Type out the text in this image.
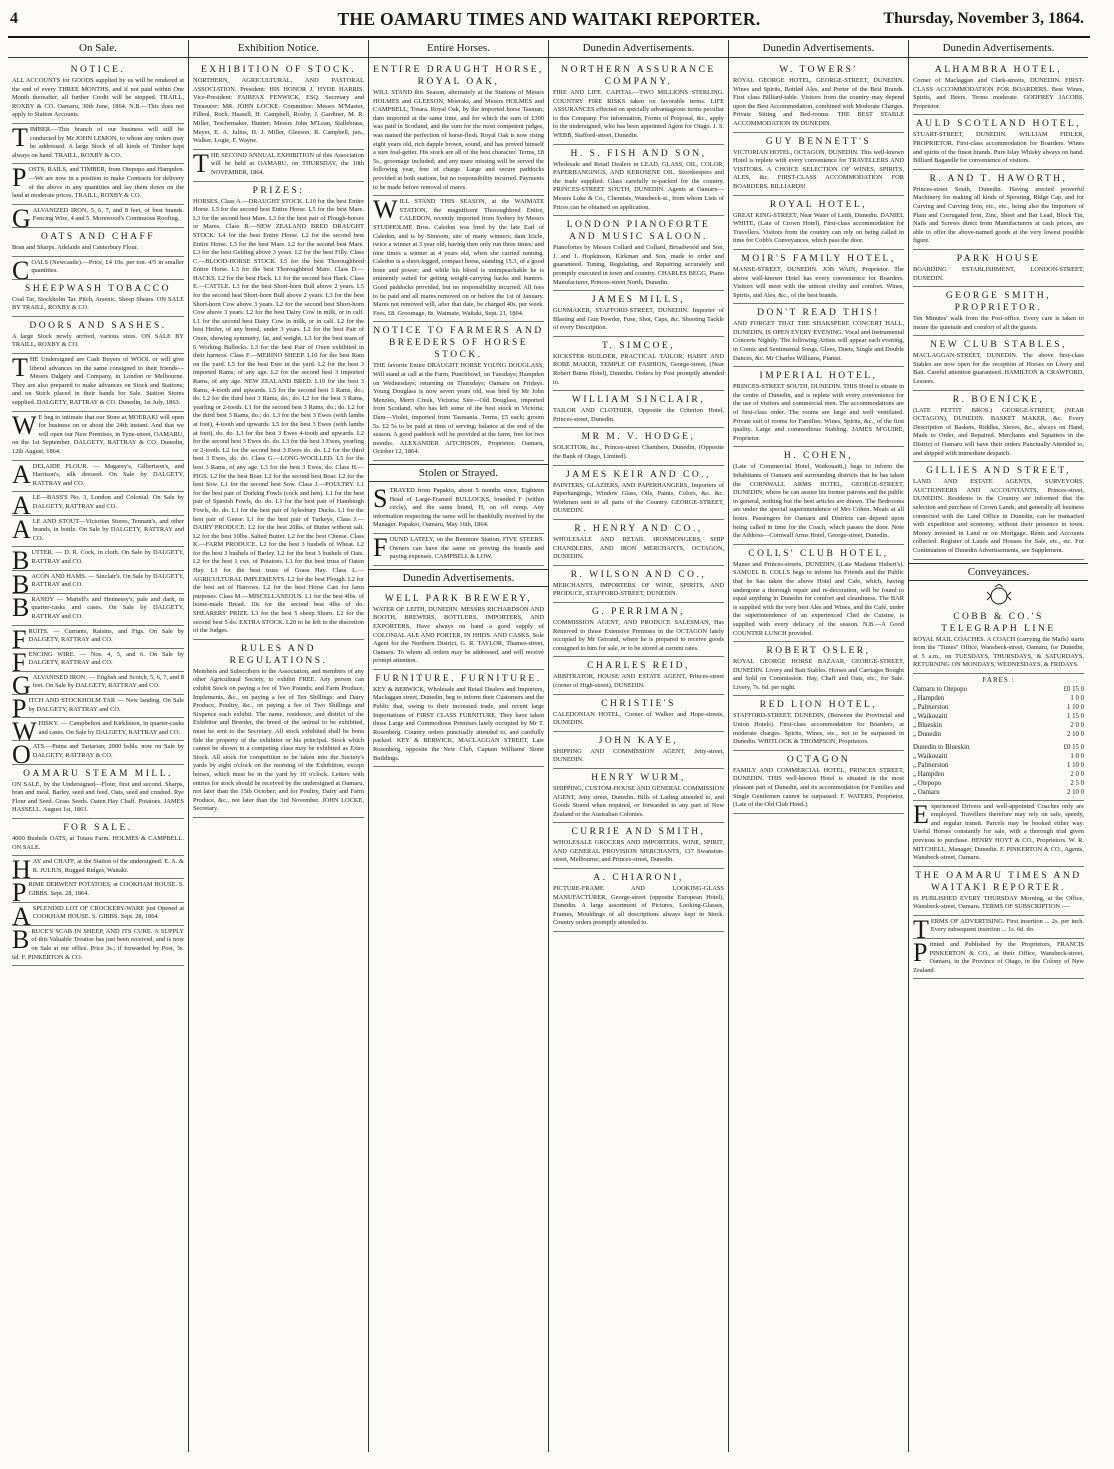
4	THE OAMARU TIMES AND WAITAKI REPORTER.	Thursday, November 3, 1864.
On Sale.
NOTICE.

ALL ACCOUNTS for GOODS supplied by us will be rendered at the end of every THREE MONTHS, and if not paid within One Month thereafter, all further Credit will be stopped. TRAILL, ROXBY & CO. Oamaru, 30th June, 1864. N.B.—This does not apply to Station Accounts.

TIMBER.—This branch of our business will still be conducted by Mr JOHN LEMON, to whom any orders may be addressed. A large Stock of all kinds of Timber kept always on hand. TRAILL, ROXBY & CO.

POSTS, RAILS, and TIMBER, from Otepopo and Hampden.—We are now in a position to make Contracts for delivery of the above in any quantities and lay them down on the land at moderate prices. TRAILL, ROXBY & CO.

GALVANIZED IRON, 5, 6, 7, and 8 feet, of best brands. Fencing Wire, 4 and 5. Morewood's Continuous Roofing.

OATS AND CHAFF

Bran and Sharps. Adelaide and Canterbury Flour.

COALS (Newcastle).—Price, £4 10s. per ton. 4/5 in smaller quantities.

SHEEPWASH TOBACCO

Coal Tar, Stockholm Tar. Pitch, Arsenic. Sheep Shears. ON SALE BY TRAILL, ROXBY & CO.

DOORS AND SASHES.

A large Stock newly arrived, various sizes. ON SALE BY TRAILL, ROXBY & CO.

THE Undersigned are Cash Buyers of WOOL or will give liberal advances on the same consigned to their friends—Messrs Dalgety and Company, in London or Melbourne. They are also prepared to make advances on Stock and Stations; and on Stock placed in their hands for Sale. Station Stores supplied. DALGETY, RATTRAY & CO. Dunedin, 1st July, 1863.

WE beg to intimate that our Store at MOERAKI will open for business on or about the 24th instant. And that we will open our New Premises, in Tyne-street, OAMARU, on the 1st September. DALGETY, RATTRAY & CO. Dunedin, 12th August, 1864.

ADELAIDE FLOUR. — Magarey's, Gilbertson's, and Harrison's, silk dressed. On Sale by DALGETY, RATTRAY and CO.

ALE—BASS'S No. 3, London and Colonial. On Sale by DALGETY, RATTRAY and CO.

ALE AND STOUT—Victorian Stores, Tennant's, and other brands, in bottle. On Sale by DALGETY, RATTRAY and CO.

BUTTER. — D. R. Cock, in cloth. On Sale by DALGETY, RATTRAY and CO.

BACON AND HAMS. — Sinclair's. On Sale by DALGETY, RATTRAY and CO.

BRANDY — Martell's and Hennessy's, pale and dark, in quarter-casks and cases. On Sale by DALGETY, RATTRAY and CO.

FRUITS. — Currants, Raisins, and Figs. On Sale by DALGETY, RATTRAY and CO.

FENCING WIRE. — Nos. 4, 5, and 6. On Sale by DALGETY, RATTRAY and CO.

GALVANISED IRON. — English and Scotch, 5, 6, 7, and 8 feet. On Sale by DALGETY, RATTRAY and CO.

PITCH AND STOCKHOLM TAR — New landing. On Sale by DALGETY, RATTRAY and CO.

WHISKY. — Campbelton and Kirkliston, in quarter-casks and cases. On Sale by DALGETY, RATTRAY and CO.

OATS.—Putna and Tartarian; 2000 bshls. now on Sale by DALGETY, RATTRAY & CO.

OAMARU STEAM MILL.

ON SALE, by the Undersigned—Flour, first and second. Sharps, bran and meal. Barley, seed and feed. Oats, seed and crushed. Rye Flour and Seed. Grass Seeds. Oaten Hay Chaff. Potatoes. JAMES HASSELL. August 1st, 1863.

FOR SALE.

4000 Bushels OATS, at Totara Farm. HOLMES & CAMPBELL. ON SALE.

HAY and CHAFF, at the Station of the undersigned. E. A. & R. JULIUS, Rugged Ridges, Waitaki.

PRIME DERWENT POTATOES, at COOKHAM HOUSE. S. GIBBS. Sept. 28, 1864.

ASPLENDID LOT OF CROCKERY-WARE just Opened at COOKHAM HOUSE. S. GIBBS. Sept. 28, 1864.

BRUCE'S SCAB IN SHEEP, AND ITS CURE. A SUPPLY of this Valuable Treatise has just been received, and is now on Sale at our office. Price 3s.; if forwarded by Post, 3s. 6d. F. PINKERTON & CO.

Exhibition Notice.
EXHIBITION OF STOCK.

NORTHERN, AGRICULTURAL, AND PASTORAL ASSOCIATION. President: HIS HONOR J. HYDE HARRIS. Vice-President: FAIRFAX FENWICK, ESQ. Secretary and Treasurer: MR. JOHN LOCKE. Committee: Messrs M'Master, Filleul, Roch, Hassell, H. Campbell, Roxby, J. Gardiner, M. R. Miller, Teschemaker, Hunter; Messrs John M'Lean, Stallebrass, Meyer, E. A. Julius, H. J. Miller, Gleeson, R. Campbell, jun., Walker, Logie, F. Wayne.

THE SECOND ANNUAL EXHIBITION of this Association will be held at OAMARU, on THURSDAY, the 10th NOVEMBER, 1864.

PRIZES:

HORSES. Class A.—DRAUGHT STOCK. L10 for the best Entire Horse. L5 for the second best Entire Horse. L5 for the best Mare. L3 for the second best Mare. L3 for the best pair of Plough-horses or Mares. Class B.—NEW ZEALAND BRED DRAUGHT STOCK. L4 for the best Entire Horse. L2 for the second best Entire Horse. L3 for the best Mare. L2 for the second best Mare. L3 for the best Gelding above 3 years. L2 for the best Filly. Class C.—BLOOD-HORSE STOCK. L5 for the best Thoroughbred Entire Horse. L3 for the best Thoroughbred Mare. Class D.—HACKS. L2 for the best Hack. L1 for the second best Hack. Class E.—CATTLE. L3 for the best Short-horn Bull above 2 years. L5 for the second best Short-horn Bull above 2 years. L3 for the best Short-horn Cow above 3 years. L2 for the second best Short-horn Cow above 3 years. L2 for the best Dairy Cow in milk, or in calf. L1 for the second best Dairy Cow in milk, or in calf. L2 for the best Heifer, of any breed, under 3 years. L2 for the best Pair of Oxen, showing symmetry, fat, and weight. L3 for the best team of 6 Working Bullocks. L3 for the best Pair of Oxen exhibited in their harness. Class F.—MERINO SHEEP. L10 for the best Ram on the yard. L5 for the best Ewe in the yard. L2 for the best 3 imported Rams, of any age. L2 for the second best 3 imported Rams, of any age. NEW ZEALAND BRED. L10 for the best 3 Rams, 4-tooth and upwards. L5 for the second best 3 Rams, do.; do. L2 for the third best 3 Rams, do.; do. L2 for the best 3 Rams, yearling or 2-tooth. L1 for the second best 3 Rams, do.; do. L2 for the third best 3 Rams, do.; do. L3 for the best 3 Ewes (with lambs at foot), 4-tooth and upwards. L5 for the best 3 Ewes (with lambs at foot), do. do. L3 for the best 3 Ewes 4-tooth and upwards. L2 for the second best 3 Ewes do. do. L3 for the best 3 Ewes, yearling or 2-tooth. L2 for the second best 3 Ewes do. do. L2 for the third best 3 Ewes, do. do. Class G.—LONG-WOOLLED. L5 for the best 3 Rams, of any age. L3 for the best 3 Ewes, do. Class H.—PIGS. L2 for the best Boar. L2 for the second best Boar. L2 for the best Sow. L1 for the second best Sow. Class J.—POULTRY. L1 for the best pair of Dorking Fowls (cock and hen). L1 for the best pair of Spanish Fowls, do. do. L1 for the best pair of Hamburgh Fowls, do. do. L1 for the best pair of Aylesbury Ducks. L1 for the best pair of Geese. L1 for the best pair of Turkeys. Class J.—DAIRY PRODUCE. L2 for the best 20lbs. of Butter without salt. L2 for the best 10lbs. Salted Butter. L2 for the best Cheese. Class K.—FARM PRODUCE. L2 for the best 3 bushels of Wheat. L2 for the best 3 bushels of Barley. L2 for the best 3 bushels of Oats. L2 for the best 1 cwt. of Potatoes. L1 for the best truss of Oaten Hay. L1 for the best truss of Grass Hay. Class L.—AGRICULTURAL IMPLEMENTS. L2 for the best Plough. L2 for the best set of Harrows. L2 for the best Horse Cart for farm purposes. Class M.—MISCELLANEOUS. L1 for the best 4lbs. of home-made Bread. 10s for the second best 4lbs of do. SHEARERS' PRIZE. L3 for the best 5 sheep Shorn. L2 for the second best 5 do. EXTRA STOCK. L20 to be left to the discretion of the Judges.

RULES AND REGULATIONS.

Members and Subscribers to the Association, and members of any other Agricultural Society, to exhibit FREE. Any person can exhibit Stock on paying a fee of Two Pounds; and Farm Produce, Implements, &c., on paying a fee of Ten Shillings; and Dairy Produce, Poultry, &c., on paying a fee of Two Shillings and Sixpence each exhibit. The name, residence, and district of the Exhibitor and Breeder, the breed of the animal to be exhibited, must be sent to the Secretary. All stock exhibited shall be bona fide the property of the exhibitor or his principal. Stock which cannot be shown in a competing class may be exhibited as Extra Stock. All stock for competition to be taken into the Society's yards by eight o'clock on the morning of the Exhibition, except horses, which must be in the yard by 10 o'clock. Letters with entries for stock should be received by the undersigned at Oamaru, not later than the 15th October; and for Poultry, Dairy and Farm Produce, &c., not later than the 3rd November. JOHN LOCKE, Secretary.

Entire Horses.
ENTIRE DRAUGHT HORSE, ROYAL OAK,

WILL STAND this Season, alternately at the Stations of Messrs HOLMES and GLEESON, Moeraki, and Messrs HOLMES and CAMPBELL, Totara. Royal Oak, by the imported horse Tasman; dam imported at the same time, and for which the sum of £300 was paid in Scotland, and the sum for the most competent judges, was named the perfection of horse-flesh. Royal Oak is now rising eight years old, rich dapple brown, sound, and has proved himself a sure foal-getter. His stock are all of the best character. Terms, £8 5s., groomage included; and any mare missing will be served the following year, free of charge. Large and secure paddocks provided at both stations, but no responsibility incurred. Payments to be made before removal of mares.

WILL STAND THIS SEASON, at the WAIMATE STATION, the magnificent Thoroughbred Entire, CALEDON, recently imported from Sydney by Messrs STUDHOLME Bros. Caledon was bred by the late Earl of Caledon, and is by Simoom, sire of many winners; dam Icicle, twice a winner at 3 year old, having then only run three times; and nine times a winner at 4 years old, when she carried running. Caledon is a short-legged, compact horse, standing 15.3, of a good bone and power; and while his blood is unimpeachable he is eminently suited for getting weight-carrying hacks and hunters. Good paddocks provided, but no responsibility incurred. All fees to be paid and all mares removed on or before the 1st of January. Mares not removed will, after that date, be charged 40s. per week. Fees, £8. Groomage, 8s. Waimate, Waitaki, Sept. 21, 1864.

NOTICE TO FARMERS AND BREEDERS OF HORSE STOCK.

THE favorite Entire DRAUGHT HORSE YOUNG DOUGLASS, Will stand at call at the Farm, Punchbowl, on Tuesdays; Hampden on Wednesdays; returning on Thursdays; Oamaru on Fridays. Young Douglass is now seven years old, was bred by Mr John Menzies, Merri Creek, Victoria; Sire—Old Douglass, imported from Scotland, who has left some of the best stock in Victoria; Dam—Violet, imported from Tasmania. Terms, £5 each; groom 5s. £2 5s to be paid at time of serving; balance at the end of the season. A good paddock will be provided at the farm, free for two months. ALEXANDER AITCHISON, Proprietor. Oamaru, October 12, 1864.

Stolen or Strayed.

STRAYED from Papakio, about 5 months since, Eighteen Head of Large-Framed BULLOCKS, branded F (within circle), and the same brand, H, on off rump. Any information respecting the same will be thankfully received by the Manager. Papakio, Oamaru, May 16th, 1864.

FOUND LATELY, on the Benmore Station, FIVE STEERS. Owners can have the same on proving the brands and paying expenses. CAMPBELL & LOW.

Dunedin Advertisements.
WELL PARK BREWERY,

WATER OF LEITH, DUNEDIN. MESSRS RICHARDSON AND BOOTH, BREWERS, BOTTLERS, IMPORTERS, AND EXPORTERS, Have always on hand a good supply of COLONIAL ALE AND PORTER, IN HHDS. AND CASKS. Sole Agent for the Northern District, G. R. TAYLOR, Thames-street, Oamaru. To whom all orders may be addressed, and will receive prompt attention.

FURNITURE. FURNITURE.

KEY & BERWICK, Wholesale and Retail Dealers and Importers, Maclaggan street, Dunedin, beg to inform their Customers and the Public that, owing to their increased trade, and recent large Importations of FIRST CLASS FURNITURE, They have taken those Large and Commodious Premises lately occupied by Mr T. Rosenberg. Country orders punctually attended to, and carefully packed. KEY & BERWICK, MACLAGGAN STREET, Late Rosenberg, opposite the New Club, Captain Williams' Stone Buildings.

Dunedin Advertisements.
NORTHERN ASSURANCE COMPANY.

FIRE AND LIFE. CAPITAL—TWO MILLIONS STERLING. COUNTRY FIRE RISKS taken on favorable terms. LIFE ASSURANCES effected on specially advantageous terms peculiar to this Company. For information, Forms of Proposal, &c., apply to the undersigned, who has been appointed Agent for Otago. J. S. WEBB, Stafford-street, Dunedin.

H. S. FISH AND SON,

Wholesale and Retail Dealers in LEAD, GLASS, OIL, COLOR, PAPERHANGINGS, AND KEROSENE OIL. Storekeepers and the trade supplied. Glass carefully re-packed for the country. PRINCES-STREET SOUTH, DUNEDIN. Agents at Oamaru—Messrs Luke & Co., Chemists, Wansbeck-st., from whom Lists of Prices can be obtained on application.

LONDON PIANOFORTE AND MUSIC SALOON.

Pianofortes by Messrs Collard and Collard, Broadwood and Son, J. and J. Hopkinson, Kirkman and Son, made to order and guaranteed. Tuning, Regulating, and Repairing accurately and promptly executed in town and country. CHARLES BEGG, Piano Manufacturer, Princes-street North, Dunedin.

JAMES MILLS,

GUNMAKER, STAFFORD-STREET, DUNEDIN. Importer of Blasting and Gun Powder, Fuse, Shot, Caps, &c. Shooting Tackle of every Description.

T. SIMCOE,

KICKSTER BUILDER, PRACTICAL TAILOR, HABIT AND ROBE MAKER, TEMPLE OF FASHION, George-street, (Near Robert Burns Hotel), Dunedin. Orders by Post promptly attended to.

WILLIAM SINCLAIR,

TAILOR AND CLOTHIER, Opposite the Criterion Hotel, Princes-street, Dunedin.

MR M. V. HODGE,

SOLICITOR, &c., Princes-street Chambers, Dunedin, (Opposite the Bank of Otago, Limited).

JAMES KEIR AND CO.,

PAINTERS, GLAZIERS, AND PAPERHANGERS, Importers of Paperhangings, Window Glass, Oils, Paints, Colors, &c. &c. Workmen sent to all parts of the Country. GEORGE-STREET, DUNEDIN.

R. HENRY AND CO.,

WHOLESALE AND RETAIL IRONMONGERS, SHIP CHANDLERS, AND IRON MERCHANTS, OCTAGON, DUNEDIN.

R. WILSON AND CO.,

MERCHANTS, IMPORTERS OF WINE, SPIRITS, AND PRODUCE, STAFFORD-STREET, DUNEDIN.

G. PERRIMAN,

COMMISSION AGENT, AND PRODUCE SALESMAN, Has Removed to those Extensive Premises in the OCTAGON lately occupied by Mr Gerrand, where he is prepared to receive goods consigned to him for sale, or to be stored at current rates.

CHARLES REID,

ARBITRATOR, HOUSE AND ESTATE AGENT, Princes-street (corner of High-street), DUNEDIN.

CHRISTIE'S

CALEDONIAN HOTEL, Corner of Walker and Hope-streets, DUNEDIN.

JOHN KAYE,

SHIPPING AND COMMISSION AGENT, Jetty-street, DUNEDIN.

HENRY WURM,

SHIPPING, CUSTOM-HOUSE AND GENERAL COMMISSION AGENT, Jetty street, Dunedin. Bills of Lading attended to, and Goods Stored when required, or forwarded to any part of New Zealand or the Australian Colonies.

CURRIE AND SMITH,

WHOLESALE GROCERS AND IMPORTERS, WINE, SPIRIT, AND GENERAL PROVISION MERCHANTS, 137 Swanston-street, Melbourne; and Princes-street, Dunedin.

A. CHIARONI,

PICTURE-FRAME AND LOOKING-GLASS MANUFACTURER, George-street (opposite European Hotel), Dunedin. A large assortment of Pictures, Looking-Glasses, Frames, Mouldings of all descriptions always kept in Stock. Country orders promptly attended to.

Dunedin Advertisements.
W. TOWERS'

ROYAL GEORGE HOTEL, GEORGE-STREET, DUNEDIN. Wines and Spirits, Bottled Ales, and Porter of the Best Brands. First class Billiard-table. Visitors from the country may depend upon the Best Accommodation, combined with Moderate Charges. Private Sitting and Bed-rooms. THE BEST STABLE ACCOMMODATION IN DUNEDIN.

GUY BENNETT'S

VICTORIAN HOTEL, OCTAGON, DUNEDIN. This well-known Hotel is replete with every convenience for TRAVELLERS AND VISITORS. A CHOICE SELECTION OF WINES, SPIRITS, ALES, &c. FIRST-CLASS ACCOMMODATION FOR BOARDERS. BILLIARDS!

ROYAL HOTEL,

GREAT KING-STREET, Near Water of Leith, Dunedin. DANIEL WHITE, (Late of Crown Hotel). First-class accommodation for Travellers. Visitors from the country can rely on being called in time for Cobb's Conveyances, which pass the door.

MOIR'S FAMILY HOTEL,

MANSE-STREET, DUNEDIN. JOB WAIN, Proprietor. The above well-known Hotel has every convenience for Boarders. Visitors will meet with the utmost civility and comfort. Wines, Spirits, and Ales, &c., of the best brands.

DON'T READ THIS!

AND FORGET THAT THE SHAKSPERE CONCERT HALL, DUNEDIN, IS OPEN EVERY EVENING. Vocal and Instrumental Concerts Nightly. The following Artists will appear each evening, in Comic and Sentimental Songs, Glees, Duets, Single and Double Dances, &c. Mr Charles Williams, Pianist.

IMPERIAL HOTEL,

PRINCES-STREET SOUTH, DUNEDIN. THIS Hotel is situate in the centre of Dunedin, and is replete with every convenience for the use of visitors and commercial men. The accommodations are of first-class order. The rooms are large and well ventilated. Private suit of rooms for Families. Wines, Spirits, &c., of the first quality. Large and commodious Stabling. JAMES M'GUIRE, Proprietor.

H. COHEN,

(Late of Commercial Hotel, Waikouaiti,) begs to inform the Inhabitants of Oamaru and surrounding districts that he has taken the CORNWALL ARMS HOTEL, GEORGE-STREET, DUNEDIN, where he can assure his former patrons and the public in general, nothing but the best articles are drawn. The Bedrooms are under the special superintendence of Mrs Cohen. Meals at all hours. Passengers for Oamaru and Districts can depend upon being called in time for the Coach, which passes the door. Note the Address—Cornwall Arms Hotel, George-street, Dunedin.

COLLS' CLUB HOTEL,

Manse and Princes-streets, DUNEDIN, (Late Madame Hubert's). SAMUEL B. COLLS begs to inform his Friends and the Public that he has taken the above Hotel and Cafe, which, having undergone a thorough repair and re-decoration, will be found to equal anything in Dunedin for comfort and cleanliness. The BAR is supplied with the very best Ales and Wines, and the Café, under the superintendence of an experienced Chef de Cuisine, is supplied with every delicacy of the season. N.B.—A Good COUNTER LUNCH provided.

ROBERT OSLER,

ROYAL GEORGE HORSE BAZAAR, GEORGE-STREET, DUNEDIN. Livery and Bait Stables. Horses and Carriages Bought and Sold on Commission. Hay, Chaff and Oats, etc., for Sale. Livery, 7s. 6d. per night.

RED LION HOTEL,

STAFFORD-STREET, DUNEDIN, (Between the Provincial and Union Hotels). First-class accommodation for Boarders, at moderate charges. Spirits, Wines, etc., not to be surpassed in Dunedin. WHITLOCK & THOMPSON, Proprietors.

OCTAGON

FAMILY AND COMMERCIAL HOTEL, PRINCES STREET, DUNEDIN. THIS well-known Hotel is situated in the most pleasant part of Dunedin, and its accommodation for Families and Single Gentlemen cannot be surpassed. F. WATERS, Proprietor, (Late of the Old Club Hotel.)

Dunedin Advertisements.
ALHAMBRA HOTEL,

Corner of Maclaggan and Clark-streets, DUNEDIN. FIRST-CLASS ACCOMMODATION FOR BOARDERS. Best Wines, Spirits, and Beers. Terms moderate. GODFREY JACOBS, Proprietor.

AULD SCOTLAND HOTEL,

STUART-STREET, DUNEDIN. WILLIAM FIDLER, PROPRIETOR. First-class accommodation for Boarders. Wines and spirits of the finest brands. Pure Islay Whisky always on hand. Billiard Bagatelle for convenience of visitors.

R. AND T. HAWORTH,

Princes-street South, Dunedin. Having erected powerful Machinery for making all kinds of Spouting, Ridge Cap, and for Curving and Curving Iron, etc., etc., being also the Importers of Plain and Corrugated Iron, Zinc, Sheet and Bar Lead, Block Tin, Nails and Screws direct from Manufacturers at cash prices, are able to offer the above-named goods at the very lowest possible figure.

PARK HOUSE

BOARDING ESTABLISHMENT, LONDON-STREET, DUNEDIN.

GEORGE SMITH, PROPRIETOR.

Ten Minutes' walk from the Post-office. Every care is taken to insure the quietude and comfort of all the guests.

NEW CLUB STABLES,

MACLAGGAN-STREET, DUNEDIN. The above first-class Stables are now open for the reception of Horses on Livery and Bait. Careful attention guaranteed. HAMILTON & CRAWFORD, Lessees.

R. BOENICKE,

(LATE PETTIT BROS.) GEORGE-STREET, (NEAR OCTAGON), DUNEDIN. BASKET MAKER, &c. Every Description of Baskets, Riddles, Sieves, &c., always on Hand, Made to Order, and Repaired. Merchants and Squatters in the District of Oamaru will have their orders Punctually Attended to, and shipped with immediate despatch.

GILLIES AND STREET,

LAND AND ESTATE AGENTS, SURVEYORS, AUCTIONEERS AND ACCOUNTANTS, Princes-street, DUNEDIN. Residents in the Country are informed that the selection and purchase of Crown Lands, and generally all business connected with the Land Office in Dunedin, can be transacted with expedition and economy, without their presence in town. Money invested in Land or on Mortgage. Rents and Accounts collected. Register of Lands and Houses for Sale, etc., etc. For Continuation of Dunedin Advertisements, see Supplement.

Conveyances.
COBB & CO.'S TELEGRAPH LINE

ROYAL MAIL COACHES. A COACH (carrying the Mails) starts from the "Times" Office, Wansbeck-street, Oamaru, for Dunedin, at 5 a.m., on TUESDAYS, THURSDAYS, & SATURDAYS, RETURNING ON MONDAYS, WEDNESDAYS, & FRIDAYS.

FARES :
Oamaru to Otepopo	£0 15 0
„ Hampden	1 0 0
„ Palmerston	1 10 0
„ Waikouaiti	1 15 0
„ Blueskin	2 0 0
„ Dunedin	2 10 0
Dunedin to Blueskin	£0 15 0
„ Waikouaiti	1 0 0
„ Palmerston	1 10 0
„ Hampden	2 0 0
„ Otepopo	2 5 0
„ Oamaru	2 10 0

Experienced Drivers and well-appointed Coaches only are employed. Travellers therefore may rely on safe, speedy, and regular transit. Parcels may be booked either way. Useful Horses constantly for sale, with a thorough trial given previous to purchase. HENRY HOYT & CO., Proprietors. W. R. MITCHELL, Manager, Dunedin. F. PINKERTON & CO., Agents, Wansbeck-street, Oamaru.

THE OAMARU TIMES AND WAITAKI REPORTER.

IS PUBLISHED EVERY THURSDAY Morning, at the Office, Wansbeck-street, Oamaru. TERMS OF SUBSCRIPTION :—

TERMS OF ADVERTISING. First insertion ... 2s. per inch. Every subsequent insertion ... 1s. 6d. do.

Printed and Published by the Proprietors, FRANCIS PINKERTON & CO., at their Office, Wansbeck-street, Oamaru, in the Province of Otago, in the Colony of New Zealand.
